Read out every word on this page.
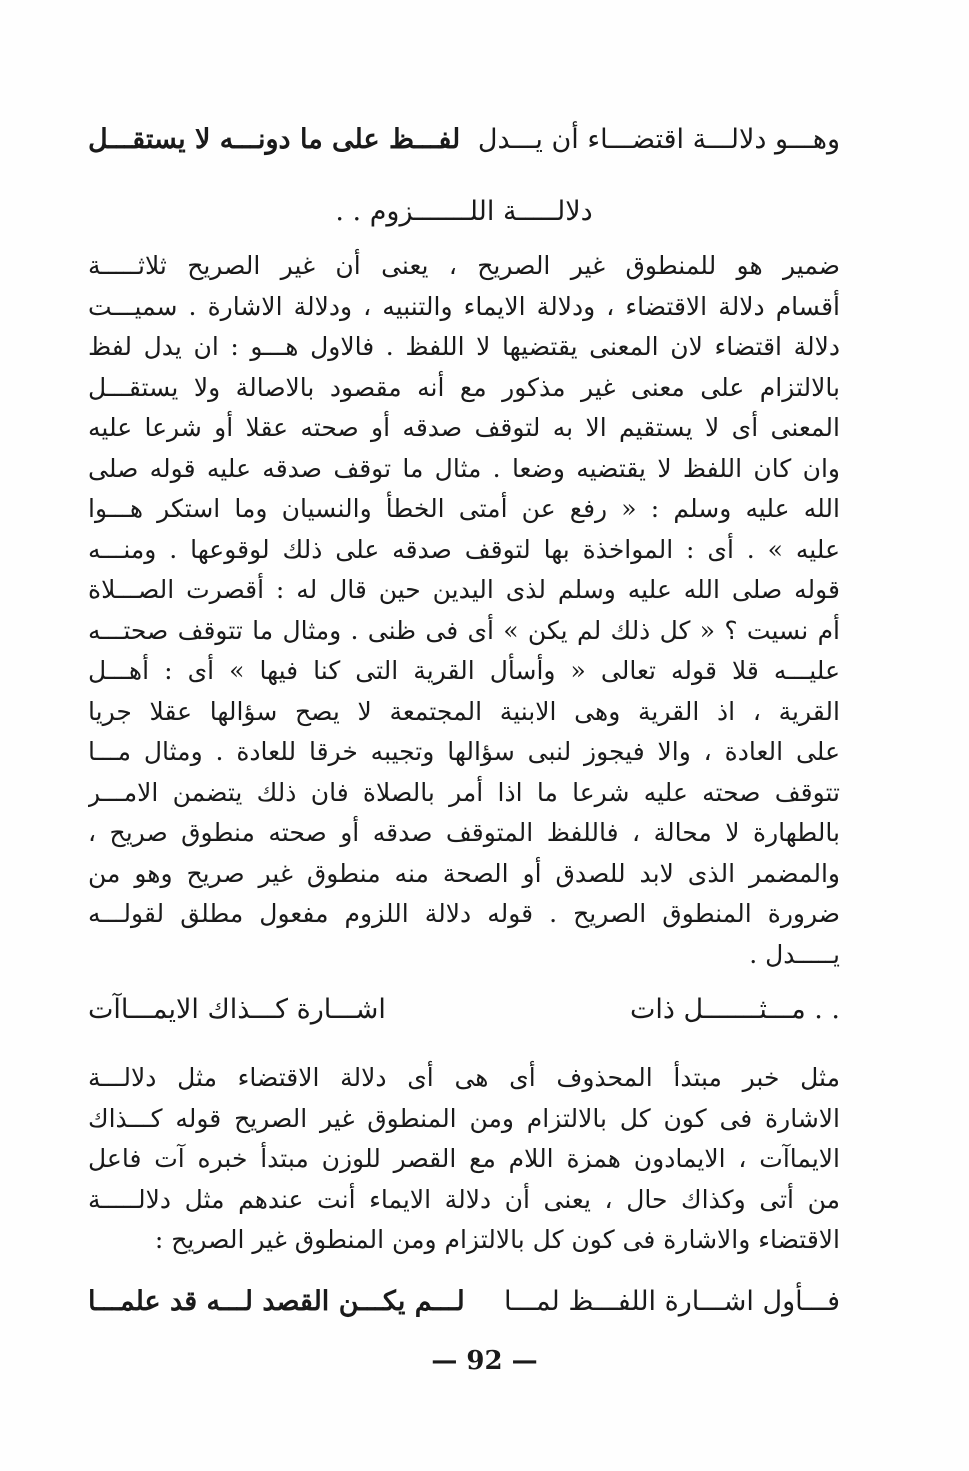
وهـــو دلالـــة اقتضـــاء أن يـــدل
لفـــظ على ما دونـــه لا يستقـــل
دلالـــــة اللـــــــزوم . .
ضمير هو للمنطوق غير الصريح ، يعنى أن غير الصريح ثلاثـــــة
أقسام دلالة الاقتضاء ، ودلالة الايماء والتنبيه ، ودلالة الاشارة . سميـــت
دلالة اقتضاء لان المعنى يقتضيها لا اللفظ . فالاول هـــو : ان يدل لفظ
بالالتزام على معنى غير مذكور مع أنه مقصود بالاصالة ولا يستقـــل
المعنى أى لا يستقيم الا به لتوقف صدقه أو صحته عقلا أو شرعا عليه
وان كان اللفظ لا يقتضيه وضعا . مثال ما توقف صدقه عليه قوله صلى
الله عليه وسلم : « رفع عن أمتى الخطأ والنسيان وما استكر هـــوا
عليه » . أى : المواخذة بها لتوقف صدقه على ذلك لوقوعها . ومنـــه
قوله صلى الله عليه وسلم لذى اليدين حين قال له : أقصرت الصـــلاة
أم نسيت ؟ « كل ذلك لم يكن » أى فى ظنى . ومثال ما تتوقف صحتـــه
عليـــه قلا قوله تعالى « وأسأل القرية التى كنا فيها » أى : أهـــل
القرية ، اذ القرية وهى الابنية المجتمعة لا يصح سؤالها عقلا جريا
على العادة ، والا فيجوز لنبى سؤالها وتجيبه خرقا للعادة . ومثال مـــا
تتوقف صحته عليه شرعا ما اذا أمر بالصلاة فان ذلك يتضمن الامـــر
بالطهارة لا محالة ، فاللفظ المتوقف صدقه أو صحته منطوق صريح ،
والمضمر الذى لابد للصدق أو الصحة منه منطوق غير صريح وهو من
ضرورة المنطوق الصريح . قوله دلالة اللزوم مفعول مطلق لقولـــه
يـــــدل .
. . مـــثـــــــل ذات
اشـــارة كـــذاك الايمـــاآت
مثل خبر مبتدأ المحذوف أى هى أى دلالة الاقتضاء مثل دلالـــة
الاشارة فى كون كل بالالتزام ومن المنطوق غير الصريح قوله كـــذاك
الايماآت ، الايمادون همزة اللام مع القصر للوزن مبتدأ خبره آت فاعل
من أتى وكذاك حال ، يعنى أن دلالة الايماء أنت عندهم مثل دلالـــــة
الاقتضاء والاشارة فى كون كل بالالتزام ومن المنطوق غير الصريح :
فـــأول اشـــارة اللفـــظ لمـــا
لـــم يكـــن القصد لـــه قد علمـــا
— 92 —
